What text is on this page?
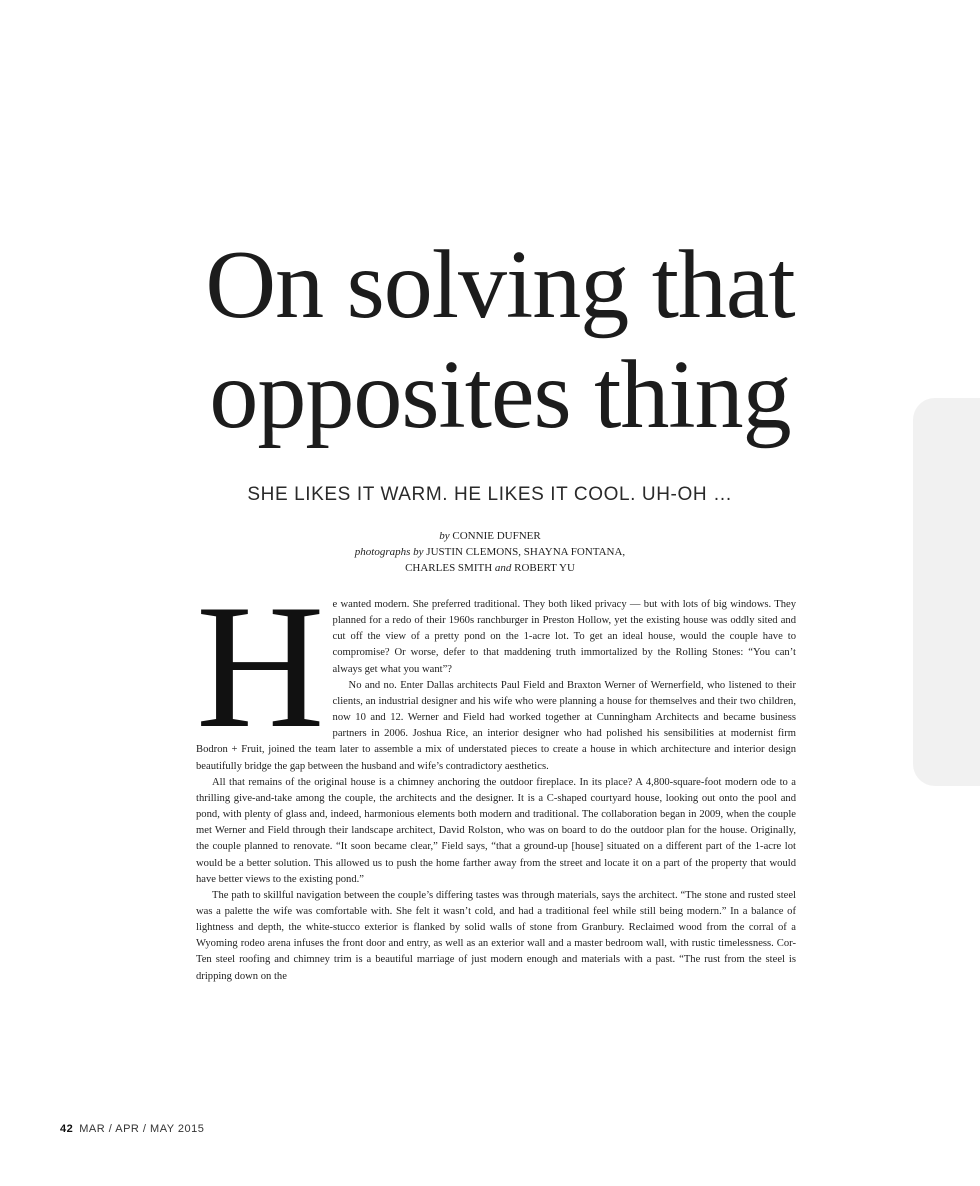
On solving that
opposites thing
SHE LIKES IT WARM. HE LIKES IT COOL. UH-OH …
by CONNIE DUFNER
photographs by JUSTIN CLEMONS, SHAYNA FONTANA,
CHARLES SMITH and ROBERT YU

He wanted modern. She preferred traditional. They both liked privacy — but with lots of big windows. They planned for a redo of their 1960s ranchburger in Preston Hollow, yet the existing house was oddly sited and cut off the view of a pretty pond on the 1-acre lot. To get an ideal house, would the couple have to compromise? Or worse, defer to that maddening truth immortalized by the Rolling Stones: “You can’t always get what you want”?

No and no. Enter Dallas architects Paul Field and Braxton Werner of Wernerfield, who listened to their clients, an industrial designer and his wife who were planning a house for themselves and their two children, now 10 and 12. Werner and Field had worked together at Cunningham Architects and became business partners in 2006. Joshua Rice, an interior designer who had polished his sensibilities at modernist firm Bodron + Fruit, joined the team later to assemble a mix of understated pieces to create a house in which architecture and interior design beautifully bridge the gap between the husband and wife’s contradictory aesthetics.

All that remains of the original house is a chimney anchoring the outdoor fireplace. In its place? A 4,800-square-foot modern ode to a thrilling give-and-take among the couple, the architects and the designer. It is a C-shaped courtyard house, looking out onto the pool and pond, with plenty of glass and, indeed, harmonious elements both modern and traditional. The collaboration began in 2009, when the couple met Werner and Field through their landscape architect, David Rolston, who was on board to do the outdoor plan for the house. Originally, the couple planned to renovate. “It soon became clear,” Field says, “that a ground-up [house] situated on a different part of the 1-acre lot would be a better solution. This allowed us to push the home farther away from the street and locate it on a part of the property that would have better views to the existing pond.”

The path to skillful navigation between the couple’s differing tastes was through materials, says the architect. “The stone and rusted steel was a palette the wife was comfortable with. She felt it wasn’t cold, and had a traditional feel while still being modern.” In a balance of lightness and depth, the white-stucco exterior is flanked by solid walls of stone from Granbury. Reclaimed wood from the corral of a Wyoming rodeo arena infuses the front door and entry, as well as an exterior wall and a master bedroom wall, with rustic timelessness. Cor-Ten steel roofing and chimney trim is a beautiful marriage of just modern enough and materials with a past. “The rust from the steel is dripping down on the

42 MAR / APR / MAY 2015
